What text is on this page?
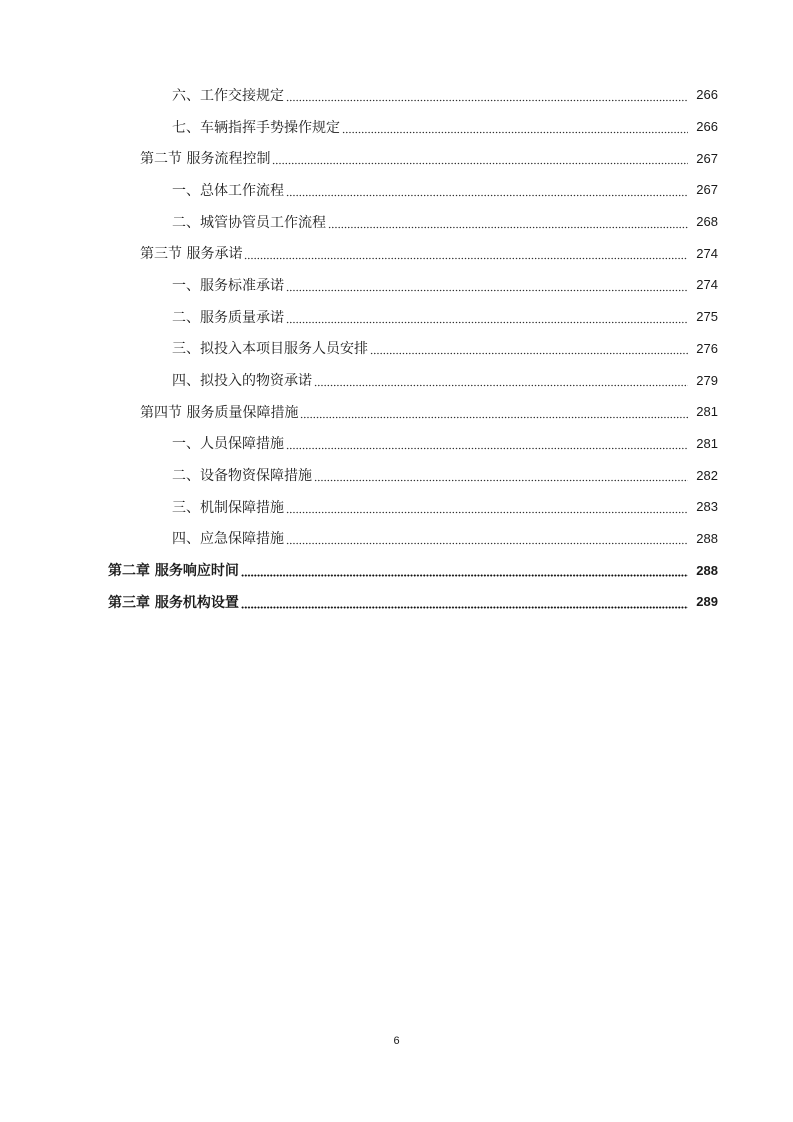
六、工作交接规定	266
七、车辆指挥手势操作规定	266
第二节 服务流程控制	267
一、总体工作流程	267
二、城管协管员工作流程	268
第三节 服务承诺	274
一、服务标准承诺	274
二、服务质量承诺	275
三、拟投入本项目服务人员安排	276
四、拟投入的物资承诺	279
第四节 服务质量保障措施	281
一、人员保障措施	281
二、设备物资保障措施	282
三、机制保障措施	283
四、应急保障措施	288
第二章 服务响应时间	288
第三章 服务机构设置	289
6
